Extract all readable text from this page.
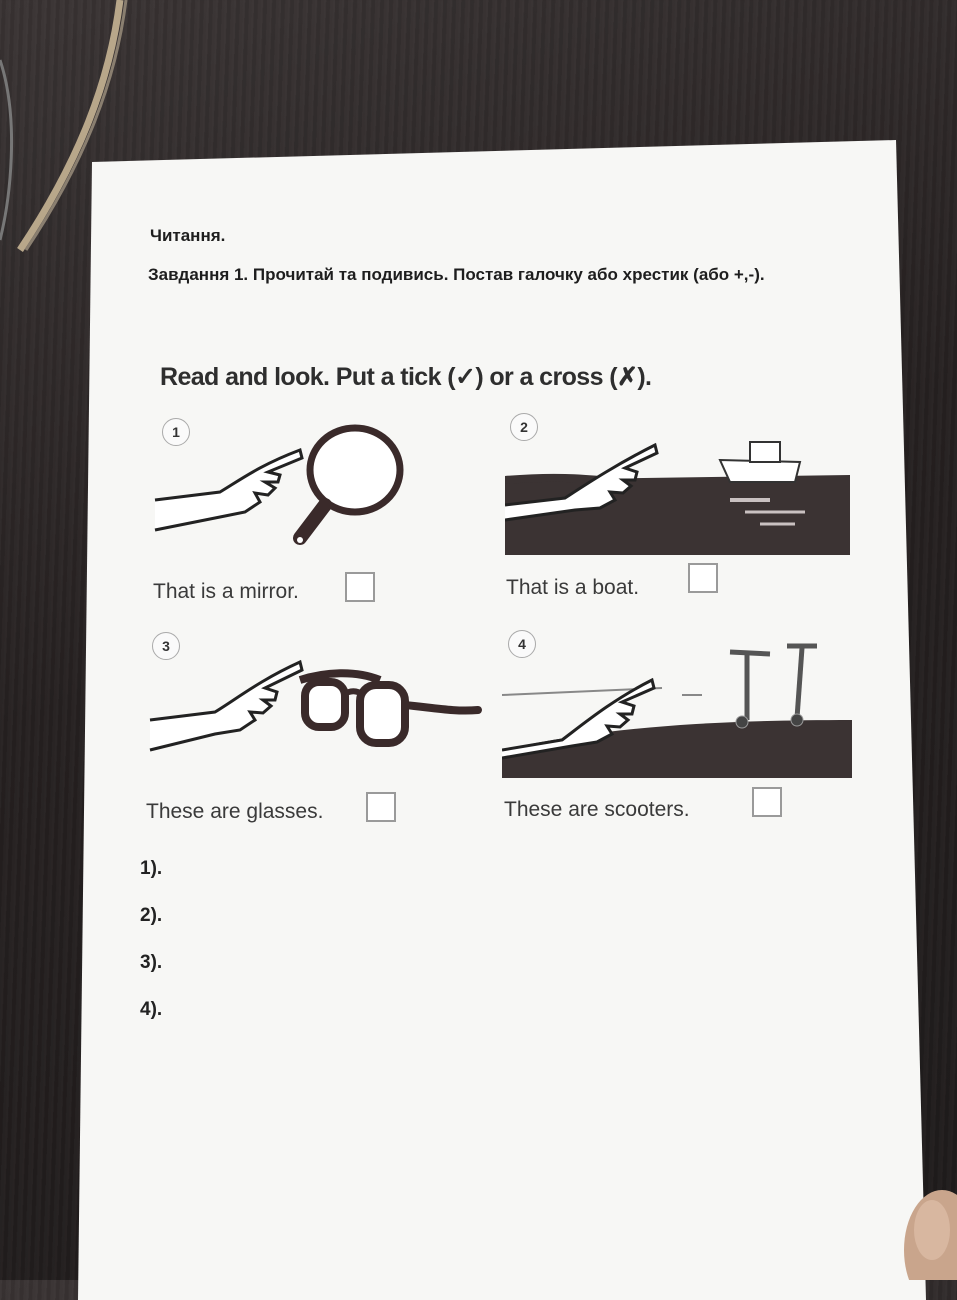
Читання.
Завдання 1. Прочитай та подивись. Постав галочку або хрестик (або +,-).
Read and look. Put a tick (✓) or a cross (✗).
1
That is a mirror.
2
That is a boat.
3
These are glasses.
4
These are scooters.
1).
2).
3).
4).
